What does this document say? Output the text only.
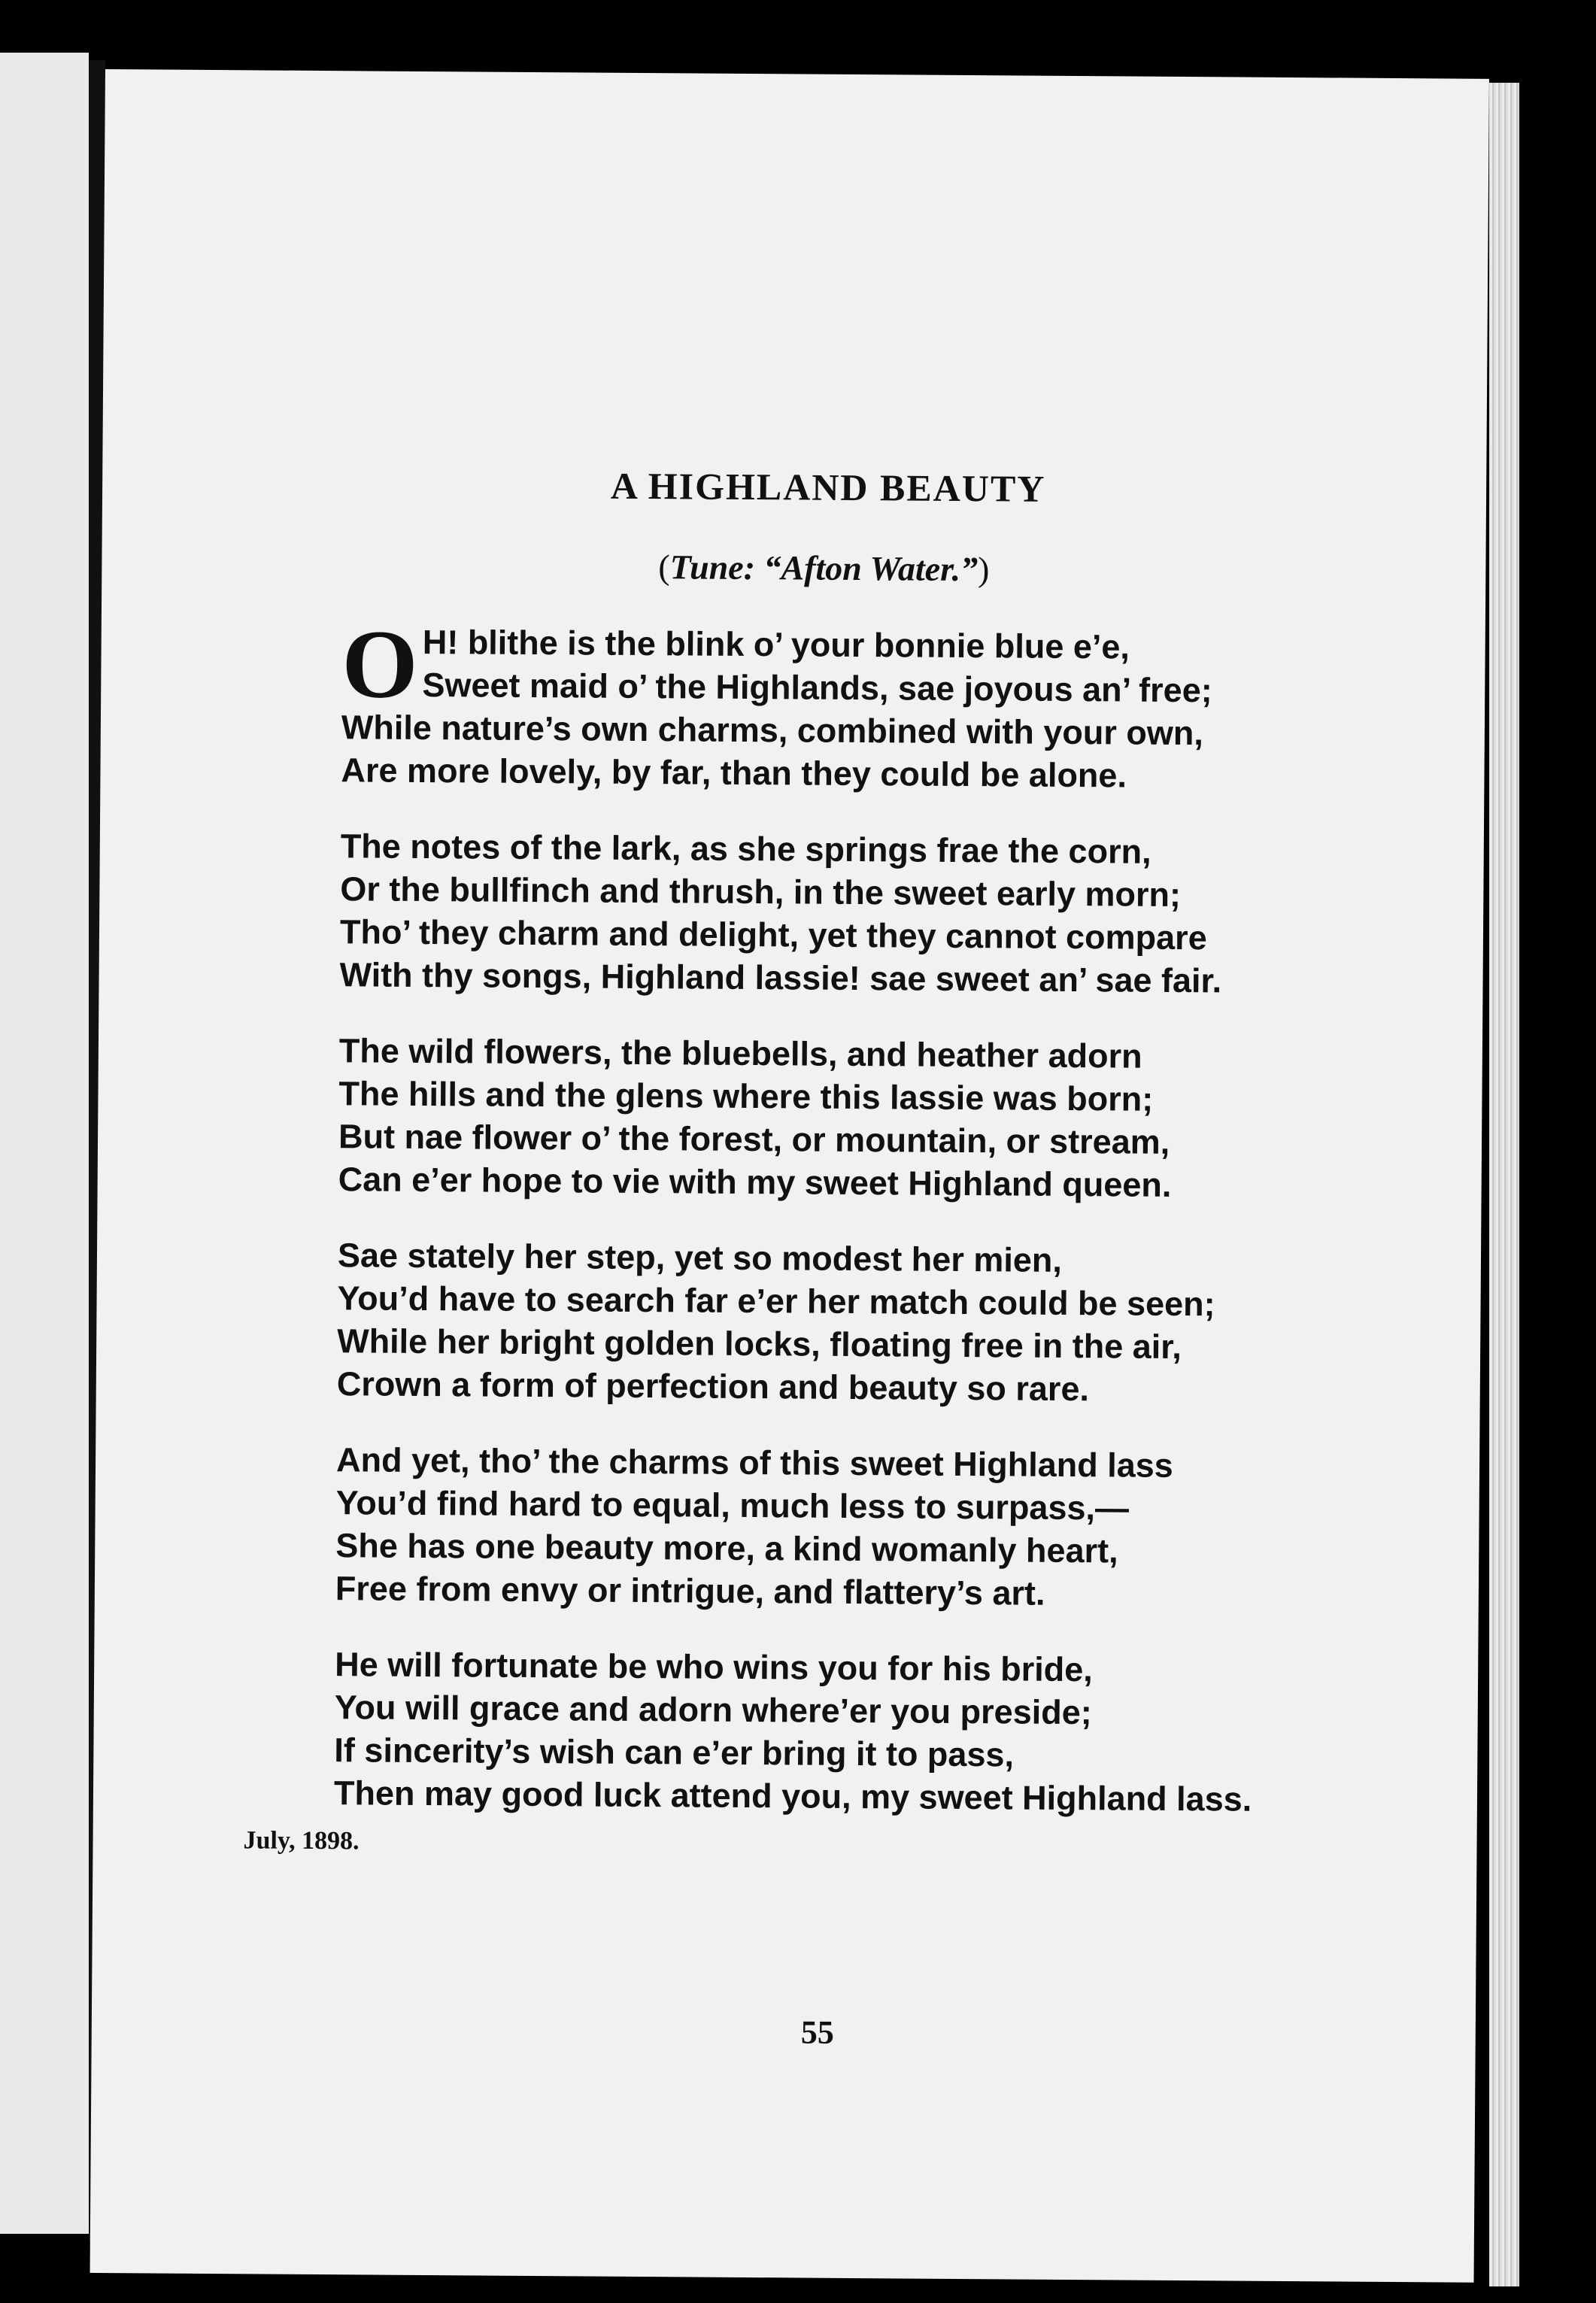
A HIGHLAND BEAUTY
(Tune: “Afton Water.”)
O H! blithe is the blink o’ your bonnie blue e’e,
Sweet maid o’ the Highlands, sae joyous an’ free;
While nature’s own charms, combined with your own,
Are more lovely, by far, than they could be alone.
The notes of the lark, as she springs frae the corn,
Or the bullfinch and thrush, in the sweet early morn;
Tho’ they charm and delight, yet they cannot compare
With thy songs, Highland lassie! sae sweet an’ sae fair.
The wild flowers, the bluebells, and heather adorn
The hills and the glens where this lassie was born;
But nae flower o’ the forest, or mountain, or stream,
Can e’er hope to vie with my sweet Highland queen.
Sae stately her step, yet so modest her mien,
You’d have to search far e’er her match could be seen;
While her bright golden locks, floating free in the air,
Crown a form of perfection and beauty so rare.
And yet, tho’ the charms of this sweet Highland lass
You’d find hard to equal, much less to surpass,—
She has one beauty more, a kind womanly heart,
Free from envy or intrigue, and flattery’s art.
He will fortunate be who wins you for his bride,
You will grace and adorn where’er you preside;
If sincerity’s wish can e’er bring it to pass,
Then may good luck attend you, my sweet Highland lass.
July, 1898.
55
